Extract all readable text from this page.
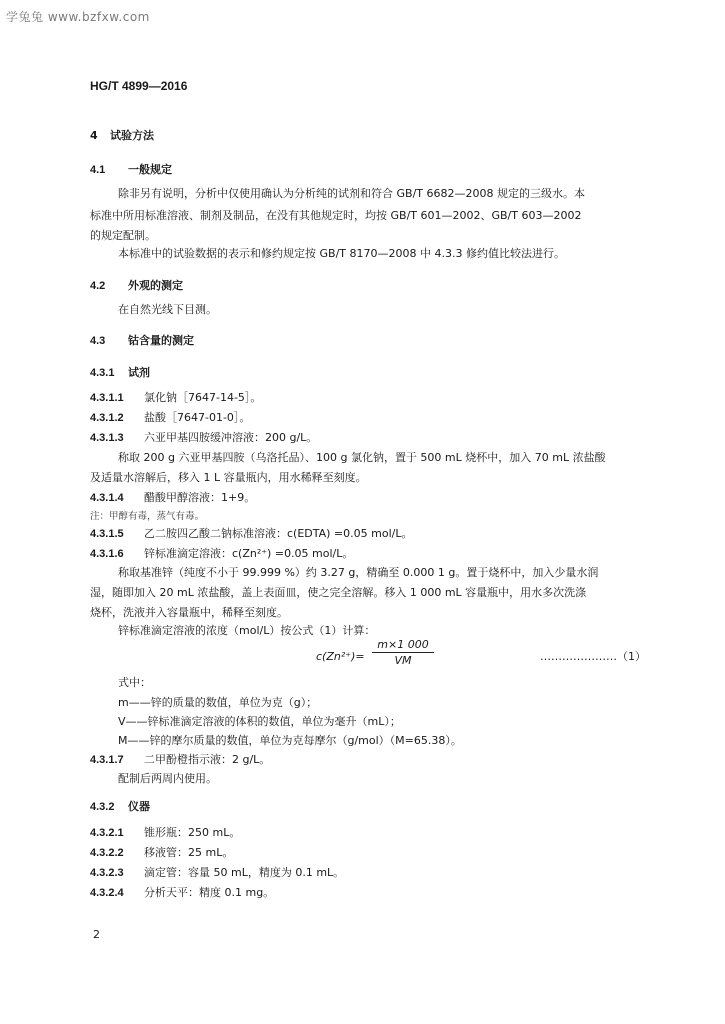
学兔兔 www.bzfxw.com
HG/T 4899—2016
4 试验方法
4.1 一般规定
除非另有说明，分析中仅使用确认为分析纯的试剂和符合 GB/T 6682—2008 规定的三级水。本
标准中所用标准溶液、制剂及制品，在没有其他规定时，均按 GB/T 601—2002、GB/T 603—2002
的规定配制。
本标准中的试验数据的表示和修约规定按 GB/T 8170—2008 中 4.3.3 修约值比较法进行。
4.2 外观的测定
在自然光线下目测。
4.3 钴含量的测定
4.3.1 试剂
4.3.1.1 氯化钠［7647-14-5］。
4.3.1.2 盐酸［7647-01-0］。
4.3.1.3 六亚甲基四胺缓冲溶液：200 g/L。
称取 200 g 六亚甲基四胺（乌洛托品）、100 g 氯化钠，置于 500 mL 烧杯中，加入 70 mL 浓盐酸
及适量水溶解后，移入 1 L 容量瓶内，用水稀释至刻度。
4.3.1.4 醋酸甲醇溶液：1+9。
注：甲醇有毒，蒸气有毒。
4.3.1.5 乙二胺四乙酸二钠标准溶液：c(EDTA) =0.05 mol/L。
4.3.1.6 锌标准滴定溶液：c(Zn²⁺) =0.05 mol/L。
称取基准锌（纯度不小于 99.999 %）约 3.27 g，精确至 0.000 1 g。置于烧杯中，加入少量水润
湿，随即加入 20 mL 浓盐酸，盖上表面皿，使之完全溶解。移入 1 000 mL 容量瓶中，用水多次洗涤
烧杯，洗液并入容量瓶中，稀释至刻度。
锌标准滴定溶液的浓度（mol/L）按公式（1）计算：
$c(Zn^{2+})= \frac{m\times 1 000}{VM}$	…………………（1）
式中：
m——锌的质量的数值，单位为克（g）；
V——锌标准滴定溶液的体积的数值，单位为毫升（mL）；
M——锌的摩尔质量的数值，单位为克每摩尔（g/mol）（M=65.38）。
4.3.1.7 二甲酚橙指示液：2 g/L。
配制后两周内使用。
4.3.2 仪器
4.3.2.1 锥形瓶：250 mL。
4.3.2.2 移液管：25 mL。
4.3.2.3 滴定管：容量 50 mL，精度为 0.1 mL。
4.3.2.4 分析天平：精度 0.1 mg。
2
